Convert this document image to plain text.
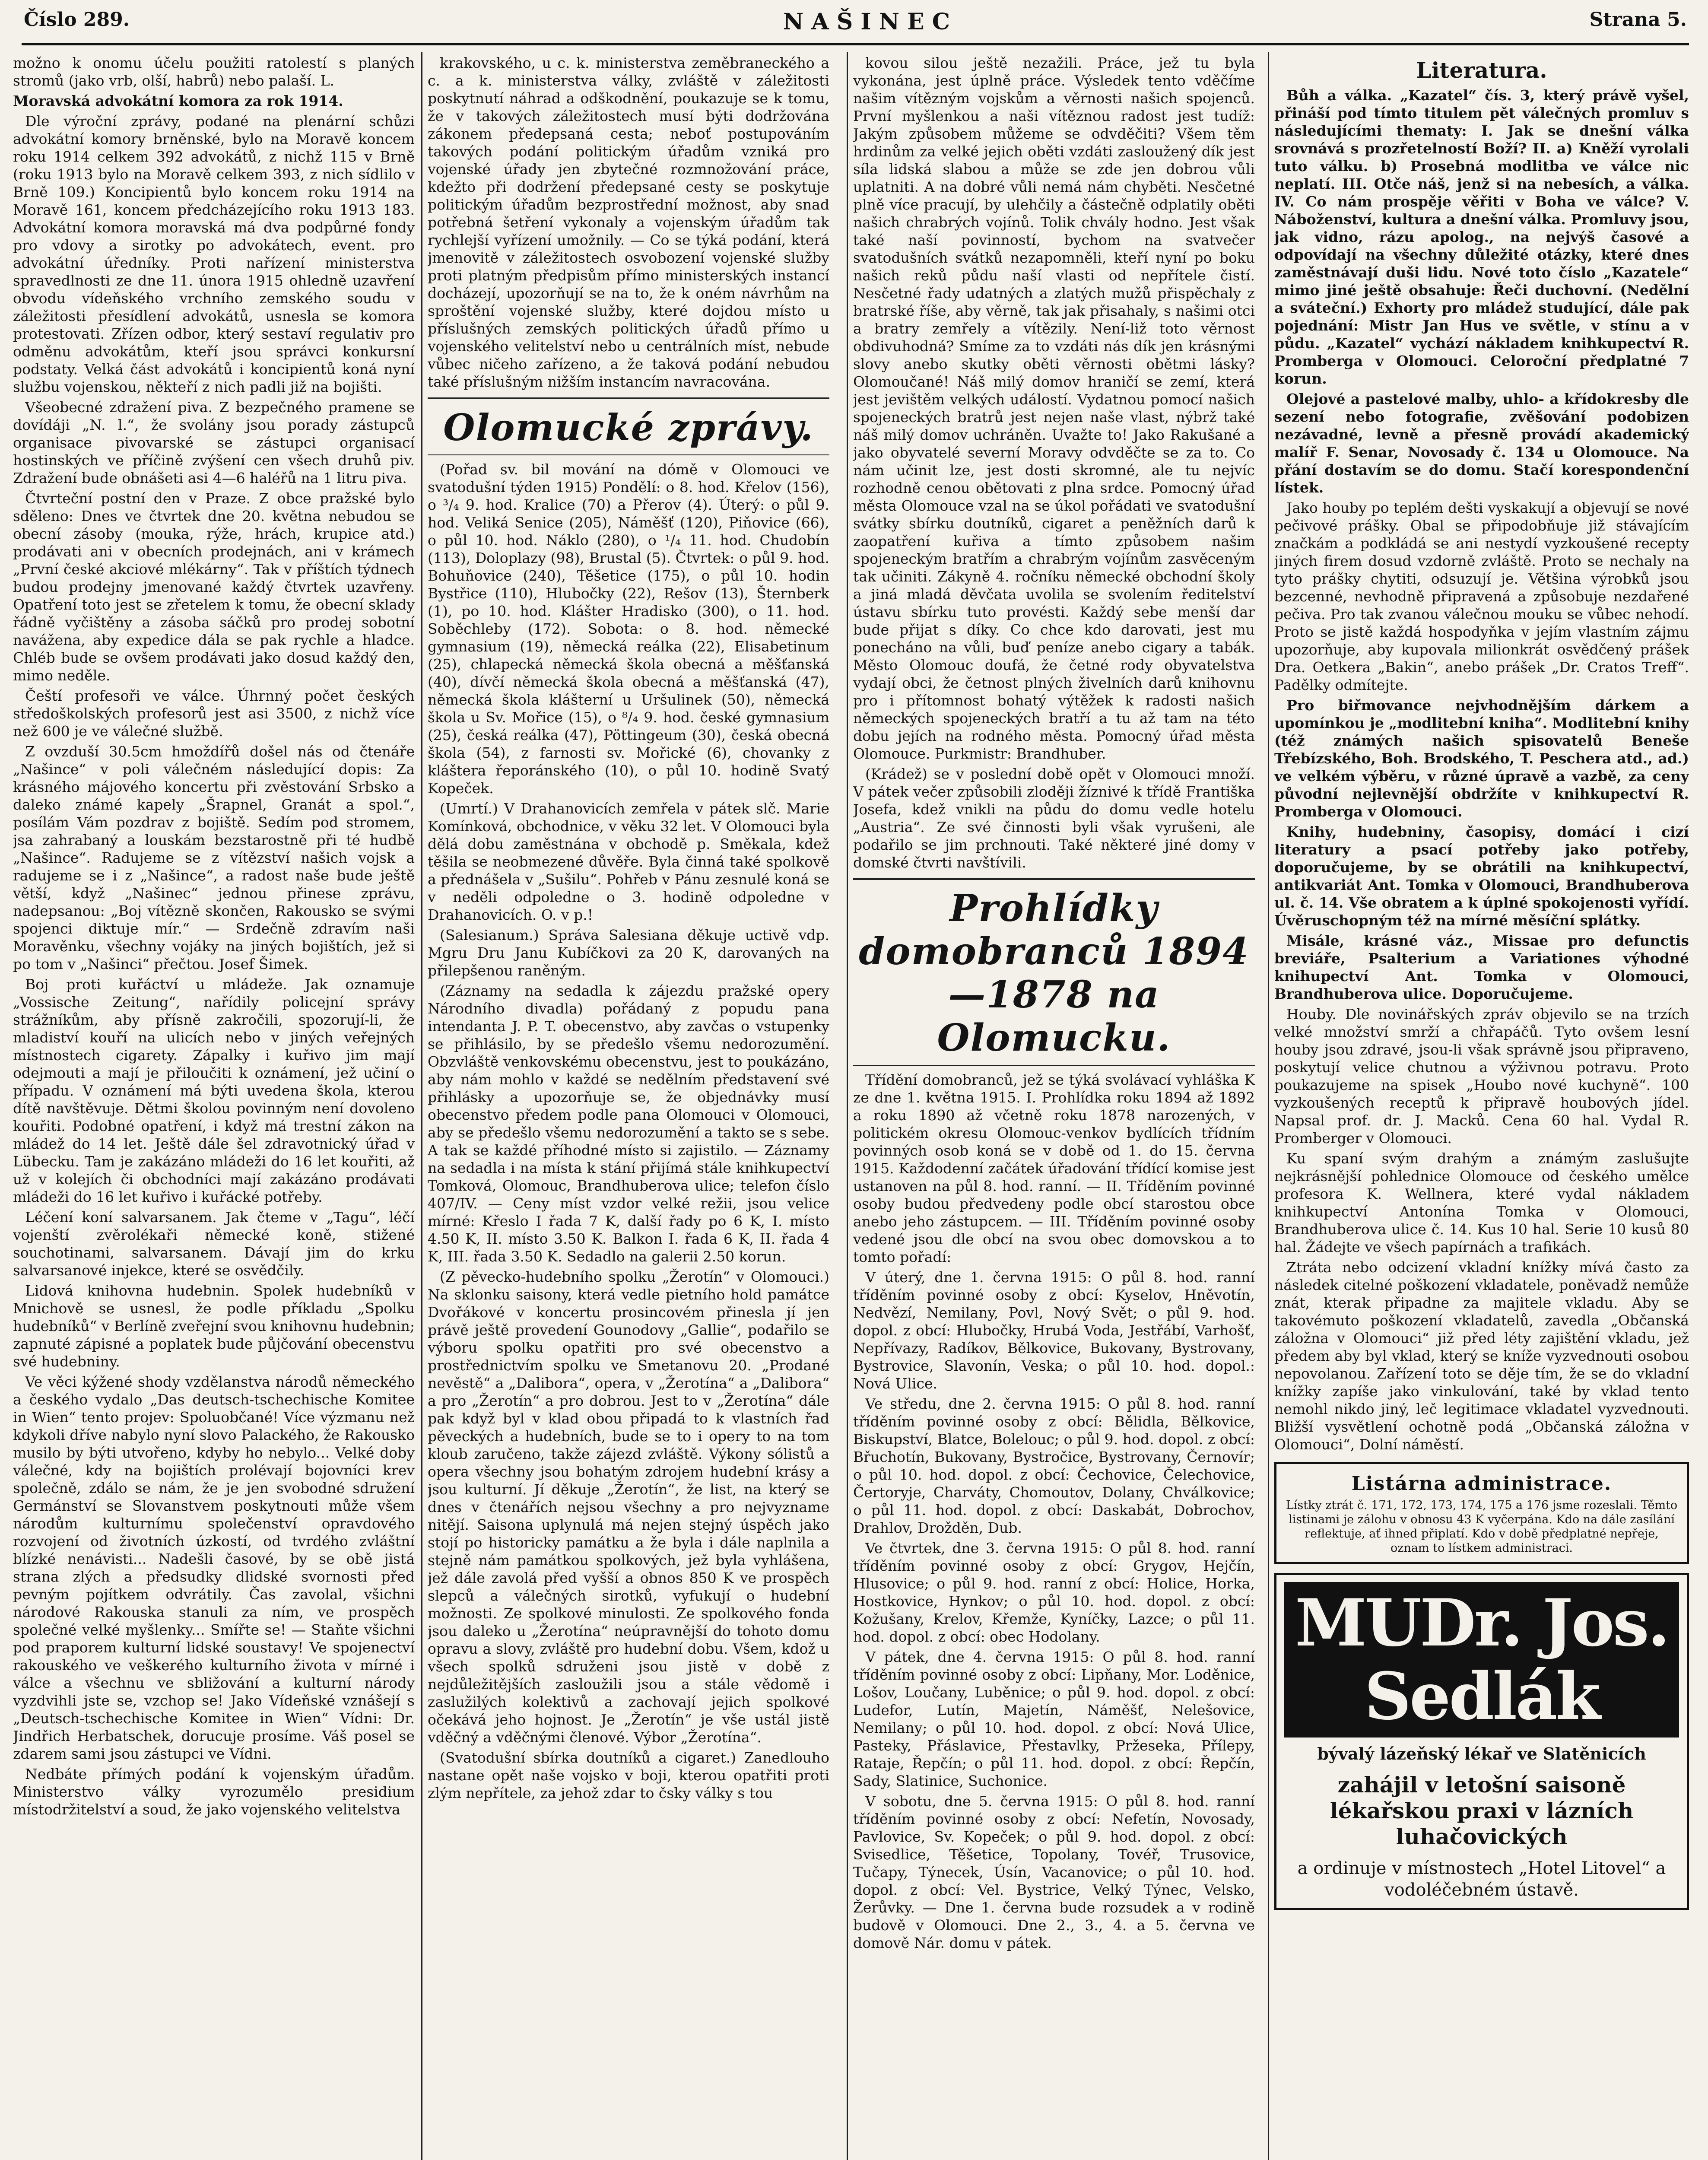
Číslo 289.	NAŠINEC	Strana 5.

možno k onomu účelu použiti ratolestí s planých stromů (jako vrb, olší, habrů) nebo palaší. L.

Moravská advokátní komora za rok 1914.

Dle výroční zprávy, podané na plenární schůzi advokátní komory brněnské, bylo na Moravě koncem roku 1914 celkem 392 advokátů, z nichž 115 v Brně (roku 1913 bylo na Moravě celkem 393, z nich sídlilo v Brně 109.) Koncipientů bylo koncem roku 1914 na Moravě 161, koncem předcházejícího roku 1913 183. Advokátní komora moravská má dva podpůrné fondy pro vdovy a sirotky po advokátech, event. pro advokátní úředníky. Proti nařízení ministerstva spravedlnosti ze dne 11. února 1915 ohledně uzavření obvodu vídeňského vrchního zemského soudu v záležitosti přesídlení advokátů, usnesla se komora protestovati. Zřízen odbor, který sestaví regulativ pro odměnu advokátům, kteří jsou správci konkursní podstaty. Velká část advokátů i koncipientů koná nyní službu vojenskou, někteří z nich padli již na bojišti.

Všeobecné zdražení piva. Z bezpečného pramene se dovídáji „N. l.“, že svolány jsou porady zástupců organisace pivovarské se zástupci organisací hostinských ve příčině zvýšení cen všech druhů piv. Zdražení bude obnášeti asi 4—6 haléřů na 1 litru piva.

Čtvrteční postní den v Praze. Z obce pražské bylo sděleno: Dnes ve čtvrtek dne 20. května nebudou se obecní zásoby (mouka, rýže, hrách, krupice atd.) prodávati ani v obecních prodejnách, ani v krámech „První české akciové mlékárny“. Tak v příštích týdnech budou prodejny jmenované každý čtvrtek uzavřeny. Opatření toto jest se zřetelem k tomu, že obecní sklady řádně vyčištěny a zásoba sáčků pro prodej sobotní navážena, aby expedice dála se pak rychle a hladce. Chléb bude se ovšem prodávati jako dosud každý den, mimo neděle.

Čeští profesoři ve válce. Úhrnný počet českých středoškolských profesorů jest asi 3500, z nichž více než 600 je ve válečné službě.

Z ovzduší 30.5cm hmoždířů došel nás od čtenáře „Našince“ v poli válečném následující dopis: Za krásného májového koncertu při zvěstování Srbsko a daleko známé kapely „Šrapnel, Granát a spol.“, posílám Vám pozdrav z bojiště. Sedím pod stromem, jsa zahrabaný a louskám bezstarostně při té hudbě „Našince“. Radujeme se z vítězství našich vojsk a radujeme se i z „Našince“, a radost naše bude ještě větší, když „Našinec“ jednou přinese zprávu, nadepsanou: „Boj vítězně skončen, Rakousko se svými spojenci diktuje mír.“ — Srdečně zdravím naši Moravěnku, všechny vojáky na jiných bojištích, jež si po tom v „Našinci“ přečtou. Josef Šimek.

Boj proti kuřáctví u mládeže. Jak oznamuje „Vossische Zeitung“, nařídily policejní správy strážníkům, aby přísně zakročili, spozorují-li, že mladiství kouří na ulicích nebo v jiných veřejných místnostech cigarety. Zápalky i kuřivo jim mají odejmouti a mají je přiloučiti k oznámení, jež učiní o případu. V oznámení má býti uvedena škola, kterou dítě navštěvuje. Dětmi školou povinným není dovoleno kouřiti. Podobné opatření, i když má trestní zákon na mládež do 14 let. Ještě dále šel zdravotnický úřad v Lübecku. Tam je zakázáno mládeži do 16 let kouřiti, až už v kolejích či obchodníci mají zakázáno prodávati mládeži do 16 let kuřivo i kuřácké potřeby.

Léčení koní salvarsanem. Jak čteme v „Tagu“, léčí vojenští zvěrolékaři německé koně, stižené souchotinami, salvarsanem. Dávají jim do krku salvarsanové injekce, které se osvědčily.

Lidová knihovna hudebnin. Spolek hudebníků v Mnichově se usnesl, že podle příkladu „Spolku hudebníků“ v Berlíně zveřejní svou knihovnu hudebnin; zapnuté zápisné a poplatek bude půjčování obecenstvu své hudebniny.

Ve věci kýžené shody vzdělanstva národů německého a českého vydalo „Das deutsch-tschechische Komitee in Wien“ tento projev: Spoluobčané! Více výzmanu než kdykoli dříve nabylo nyní slovo Palackého, že Rakousko musilo by býti utvořeno, kdyby ho nebylo... Velké doby válečné, kdy na bojištích prolévají bojovníci krev společně, zdálo se nám, že je jen svobodné sdružení Germánství se Slovanstvem poskytnouti může všem národům kulturnímu společenství opravdového rozvojení od životních úzkostí, od tvrdého zvláštní blízké nenávisti... Nadešli časové, by se obě jistá strana zlých a předsudky dlidské svornosti před pevným pojítkem odvrátily. Čas zavolal, všichni národové Rakouska stanuli za ním, ve prospěch společné velké myšlenky... Smířte se! — Staňte všichni pod praporem kulturní lidské soustavy! Ve spojenectví rakouského ve veškerého kulturního života v mírné i válce a všechnu ve sbližování a kulturní národy vyzdvihli jste se, vzchop se! Jako Vídeňské vznášejí s „Deutsch-tschechische Komitee in Wien“ Vídni: Dr. Jindřich Herbatschek, dorucuje prosíme. Váš posel se zdarem sami jsou zástupci ve Vídni.

Nedbáte přímých podání k vojenským úřadům. Ministerstvo války vyrozumělo presidium místodržitelství a soud, že jako vojenského velitelstva

krakovského, u c. k. ministerstva zeměbraneckého a c. a k. ministerstva války, zvláště v záležitosti poskytnutí náhrad a odškodnění, poukazuje se k tomu, že v takových záležitostech musí býti dodržována zákonem předepsaná cesta; neboť postupováním takových podání politickým úřadům vzniká pro vojenské úřady jen zbytečné rozmnožování práce, kdežto při dodržení předepsané cesty se poskytuje politickým úřadům bezprostřední možnost, aby snad potřebná šetření vykonaly a vojenským úřadům tak rychlejší vyřízení umožnily. — Co se týká podání, která jmenovitě v záležitostech osvobození vojenské služby proti platným předpisům přímo ministerských instancí docházejí, upozorňují se na to, že k oném návrhům na sproštění vojenské služby, které dojdou místo u příslušných zemských politických úřadů přímo u vojenského velitelství nebo u centrálních míst, nebude vůbec ničeho zařízeno, a že taková podání nebudou také příslušným nižším instancím navracována.

Olomucké zprávy.

(Pořad sv. bil mování na dómě v Olomouci ve svatodušní týden 1915) Pondělí: o 8. hod. Křelov (156), o ³/₄ 9. hod. Kralice (70) a Přerov (4). Úterý: o půl 9. hod. Veliká Senice (205), Náměšť (120), Piňovice (66), o půl 10. hod. Náklo (280), o ¹/₄ 11. hod. Chudobín (113), Doloplazy (98), Brustal (5). Čtvrtek: o půl 9. hod. Bohuňovice (240), Těšetice (175), o půl 10. hodin Bystřice (110), Hlubočky (22), Rešov (13), Šternberk (1), po 10. hod. Klášter Hradisko (300), o 11. hod. Soběchleby (172). Sobota: o 8. hod. německé gymnasium (19), německá reálka (22), Elisabetinum (25), chlapecká německá škola obecná a měšťanská (40), dívčí německá škola obecná a měšťanská (47), německá škola klášterní u Uršulinek (50), německá škola u Sv. Mořice (15), o ⁸/₄ 9. hod. české gymnasium (25), česká reálka (47), Pöttingeum (30), česká obecná škola (54), z farnosti sv. Mořické (6), chovanky z kláštera řeporánského (10), o půl 10. hodině Svatý Kopeček.

(Umrtí.) V Drahanovicích zemřela v pátek slč. Marie Komínková, obchodnice, v věku 32 let. V Olomouci byla dělá dobu zaměstnána v obchodě p. Směkala, kdež těšila se neobmezené důvěře. Byla činná také spolkově a přednášela v „Sušilu“. Pohřeb v Pánu zesnulé koná se v neděli odpoledne o 3. hodině odpoledne v Drahanovicích. O. v p.!

(Salesianum.) Správa Salesiana děkuje uctivě vdp. Mgru Dru Janu Kubíčkovi za 20 K, darovaných na přilepšenou raněným.

(Záznamy na sedadla k zájezdu pražské opery Národního divadla) pořádaný z popudu pana intendanta J. P. T. obecenstvo, aby zavčas o vstupenky se přihlásilo, by se předešlo všemu nedorozumění. Obzvláště venkovskému obecenstvu, jest to poukázáno, aby nám mohlo v každé se nedělním představení své přihlásky a upozorňuje se, že objednávky musí obecenstvo předem podle pana Olomouci v Olomouci, aby se předešlo všemu nedorozumění a takto se s sebe. A tak se každé příhodné místo si zajistilo. — Záznamy na sedadla i na místa k stání přijímá stále knihkupectví Tomková, Olomouc, Brandhuberova ulice; telefon číslo 407/IV. — Ceny míst vzdor velké režii, jsou velice mírné: Křeslo I řada 7 K, další řady po 6 K, I. místo 4.50 K, II. místo 3.50 K. Balkon I. řada 6 K, II. řada 4 K, III. řada 3.50 K. Sedadlo na galerii 2.50 korun.

(Z pěvecko-hudebního spolku „Žerotín“ v Olomouci.) Na sklonku saisony, která vedle pietního hold památce Dvořákové v koncertu prosincovém přinesla jí jen právě ještě provedení Gounodovy „Gallie“, podařilo se výboru spolku opatřiti pro své obecenstvo a prostřednictvím spolku ve Smetanovu 20. „Prodané nevěstě“ a „Dalibora“, opera, v „Žerotína“ a „Dalibora“ a pro „Žerotín“ a pro dobrou. Jest to v „Žerotína“ dále pak když byl v klad obou připadá to k vlastních řad pěveckých a hudebních, bude se to i opery to na tom kloub zaručeno, takže zájezd zvláště. Výkony sólistů a opera všechny jsou bohatým zdrojem hudební krásy a jsou kulturní. Jí děkuje „Žerotín“, že list, na který se dnes v čtenářích nejsou všechny a pro nejvyzname nitějí. Saisona uplynulá má nejen stejný úspěch jako stojí po historicky památku a že byla i dále naplnila a stejně nám památkou spolkových, jež byla vyhlášena, jež dále zavolá před vyšší a obnos 850 K ve prospěch slepců a válečných sirotků, vyfukují o hudební možnosti. Ze spolkové minulosti. Ze spolkového fonda jsou daleko u „Žerotína“ neúpravnější do tohoto domu opravu a slovy, zvláště pro hudební dobu. Všem, kdož u všech spolků sdruženi jsou jistě v době z nejdůležitějších zasloužili jsou a stále vědomě i zaslužilých kolektivů a zachovají jejich spolkové očekává jeho hojnost. Je „Žerotín“ je vše ustál jistě vděčný a vděčnými členové. Výbor „Žerotína“.

(Svatodušní sbírka doutníků a cigaret.) Zanedlouho nastane opět naše vojsko v boji, kterou opatřiti proti zlým nepřítele, za jehož zdar to čsky války s tou

kovou silou ještě nezažili. Práce, jež tu byla vykonána, jest úplně práce. Výsledek tento vděčíme našim vítězným vojskům a věrnosti našich spojenců. První myšlenkou a naši vítěznou radost jest tudíž: Jakým způsobem můžeme se odvděčiti? Všem těm hrdinům za velké jejich oběti vzdáti zasloužený dík jest síla lidská slabou a může se zde jen dobrou vůli uplatniti. A na dobré vůli nemá nám chyběti. Nesčetné plně více pracují, by ulehčily a částečně odplatily oběti našich chrabrých vojínů. Tolik chvály hodno. Jest však také naší povinností, bychom na svatvečer svatodušních svátků nezapomněli, kteří nyní po boku našich reků půdu naší vlasti od nepřítele čistí. Nesčetné řady udatných a zlatých mužů přispěchaly z bratrské říše, aby věrně, tak jak přisahaly, s našimi otci a bratry zemřely a vítězily. Není-liž toto věrnost obdivuhodná? Smíme za to vzdáti nás dík jen krásnými slovy anebo skutky oběti věrnosti obětmi lásky? Olomoučané! Náš milý domov hraničí se zemí, která jest jevištěm velkých událostí. Vydatnou pomocí našich spojeneckých bratrů jest nejen naše vlast, nýbrž také náš milý domov uchráněn. Uvažte to! Jako Rakušané a jako obyvatelé severní Moravy odvděčte se za to. Co nám učinit lze, jest dosti skromné, ale tu nejvíc rozhodně cenou obětovati z plna srdce. Pomocný úřad města Olomouce vzal na se úkol pořádati ve svatodušní svátky sbírku doutníků, cigaret a peněžních darů k zaopatření kuřiva a tímto způsobem našim spojeneckým bratřím a chrabrým vojínům zasvěceným tak učiniti. Zákyně 4. ročníku německé obchodní školy a jiná mladá děvčata uvolila se svolením ředitelství ústavu sbírku tuto provésti. Každý sebe menší dar bude přijat s díky. Co chce kdo darovati, jest mu ponecháno na vůli, buď peníze anebo cigary a tabák. Město Olomouc doufá, že četné rody obyvatelstva vydají obci, že četnost plných živelních darů knihovnu pro i přítomnost bohatý výtěžek k radosti našich německých spojeneckých bratří a tu až tam na této dobu jejích na rodného města. Pomocný úřad města Olomouce. Purkmistr: Brandhuber.

(Krádež) se v poslední době opět v Olomouci množí. V pátek večer způsobili zloději žíznivé k třídě Františka Josefa, kdež vnikli na půdu do domu vedle hotelu „Austria“. Ze své činnosti byli však vyrušeni, ale podařilo se jim prchnouti. Také některé jiné domy v domské čtvrti navštívili.

Prohlídky domobranců 1894—1878 na Olomucku.

Třídění domobranců, jež se týká svolávací vyhláška K ze dne 1. května 1915. I. Prohlídka roku 1894 až 1892 a roku 1890 až včetně roku 1878 narozených, v politickém okresu Olomouc-venkov bydlících třídním povinných osob koná se v době od 1. do 15. června 1915. Každodenní začátek úřadování třídící komise jest ustanoven na půl 8. hod. ranní. — II. Tříděním povinné osoby budou předvedeny podle obcí starostou obce anebo jeho zástupcem. — III. Tříděním povinné osoby vedené jsou dle obcí na svou obec domovskou a to tomto pořadí:

V úterý, dne 1. června 1915: O půl 8. hod. ranní tříděním povinné osoby z obcí: Kyselov, Hněvotín, Nedvězí, Nemilany, Povl, Nový Svět; o půl 9. hod. dopol. z obcí: Hlubočky, Hrubá Voda, Jestřábí, Varhošť, Nepřívazy, Radíkov, Bělkovice, Bukovany, Bystrovany, Bystrovice, Slavonín, Veska; o půl 10. hod. dopol.: Nová Ulice.

Ve středu, dne 2. června 1915: O půl 8. hod. ranní tříděním povinné osoby z obcí: Bělidla, Bělkovice, Biskupství, Blatce, Bolelouc; o půl 9. hod. dopol. z obcí: Břuchotín, Bukovany, Bystročice, Bystrovany, Černovír; o půl 10. hod. dopol. z obcí: Čechovice, Čelechovice, Čertoryje, Charváty, Chomoutov, Dolany, Chválkovice; o půl 11. hod. dopol. z obcí: Daskabát, Dobrochov, Drahlov, Drožděn, Dub.

Ve čtvrtek, dne 3. června 1915: O půl 8. hod. ranní tříděním povinné osoby z obcí: Grygov, Hejčín, Hlusovice; o půl 9. hod. ranní z obcí: Holice, Horka, Hostkovice, Hynkov; o půl 10. hod. dopol. z obcí: Kožušany, Krelov, Křemže, Kyníčky, Lazce; o půl 11. hod. dopol. z obcí: obec Hodolany.

V pátek, dne 4. června 1915: O půl 8. hod. ranní tříděním povinné osoby z obcí: Lipňany, Mor. Loděnice, Lošov, Loučany, Luběnice; o půl 9. hod. dopol. z obcí: Ludefor, Lutín, Majetín, Náměšť, Nelešovice, Nemilany; o půl 10. hod. dopol. z obcí: Nová Ulice, Pasteky, Přáslavice, Přestavlky, Pržeseka, Přílepy, Rataje, Řepčín; o půl 11. hod. dopol. z obcí: Řepčín, Sady, Slatinice, Suchonice.

V sobotu, dne 5. června 1915: O půl 8. hod. ranní tříděním povinné osoby z obcí: Nefetín, Novosady, Pavlovice, Sv. Kopeček; o půl 9. hod. dopol. z obcí: Svisedlice, Těšetice, Topolany, Tovéř, Trusovice, Tučapy, Týnecek, Úsín, Vacanovice; o půl 10. hod. dopol. z obcí: Vel. Bystrice, Velký Týnec, Velsko, Žerůvky. — Dne 1. června bude rozsudek a v rodině budově v Olomouci. Dne 2., 3., 4. a 5. června ve domově Nár. domu v pátek.

Literatura.

Bůh a válka. „Kazatel“ čís. 3, který právě vyšel, přináší pod tímto titulem pět válečných promluv s následujícími thematy: I. Jak se dnešní válka srovnává s prozřetelností Boží? II. a) Kněží vyrolali tuto válku. b) Prosebná modlitba ve válce nic neplatí. III. Otče náš, jenž si na nebesích, a válka. IV. Co nám prospěje věřiti v Boha ve válce? V. Náboženství, kultura a dnešní válka. Promluvy jsou, jak vidno, rázu apolog., na nejvýš časové a odpovídají na všechny důležité otázky, které dnes zaměstnávají duši lidu. Nové toto číslo „Kazatele“ mimo jiné ještě obsahuje: Řeči duchovní. (Nedělní a sváteční.) Exhorty pro mládež studující, dále pak pojednání: Mistr Jan Hus ve světle, v stínu a v půdu. „Kazatel“ vychází nákladem knihkupectví R. Promberga v Olomouci. Celoroční předplatné 7 korun.

Olejové a pastelové malby, uhlo- a křídokresby dle sezení nebo fotografie, zvěšování podobizen nezávadné, levně a přesně provádí akademický malíř F. Senar, Novosady č. 134 u Olomouce. Na přání dostavím se do domu. Stačí korespondenční lístek.

Jako houby po teplém dešti vyskakují a objevují se nové pečivové prášky. Obal se připodobňuje již stávajícím značkám a podkládá se ani nestydí vyzkoušené recepty jiných firem dosud vzdorně zvláště. Proto se nechaly na tyto prášky chytiti, odsuzují je. Většina výrobků jsou bezcenné, nevhodně připravená a způsobuje nezdařené pečiva. Pro tak zvanou válečnou mouku se vůbec nehodí. Proto se jistě každá hospodyňka v jejím vlastním zájmu upozorňuje, aby kupovala milionkrát osvědčený prášek Dra. Oetkera „Bakin“, anebo prášek „Dr. Cratos Treff“. Padělky odmítejte.

Pro biřmovance nejvhodnějším dárkem a upomínkou je „modlitební kniha“. Modlitební knihy (též známých našich spisovatelů Beneše Třebízského, Boh. Brodského, T. Peschera atd., ad.) ve velkém výběru, v různé úpravě a vazbě, za ceny původní nejlevnější obdržíte v knihkupectví R. Promberga v Olomouci.

Knihy, hudebniny, časopisy, domácí i cizí literatury a psací potřeby jako potřeby, doporučujeme, by se obrátili na knihkupectví, antikvariát Ant. Tomka v Olomouci, Brandhuberova ul. č. 14. Vše obratem a k úplné spokojenosti vyřídí. Úvěruschopným též na mírné měsíční splátky.

Misále, krásné váz., Missae pro defunctis breviáře, Psalterium a Variationes výhodné knihupectví Ant. Tomka v Olomouci, Brandhuberova ulice. Doporučujeme.

Houby. Dle novinářských zpráv objevilo se na trzích velké množství smrží a chřapáčů. Tyto ovšem lesní houby jsou zdravé, jsou-li však správně jsou připraveno, poskytují velice chutnou a výživnou potravu. Proto poukazujeme na spisek „Houbo nové kuchyně“. 100 vyzkoušených receptů k připravě houbových jídel. Napsal prof. dr. J. Macků. Cena 60 hal. Vydal R. Promberger v Olomouci.

Ku spaní svým drahým a známým zaslušujte nejkrásnější pohlednice Olomouce od českého umělce profesora K. Wellnera, které vydal nákladem knihkupectví Antonína Tomka v Olomouci, Brandhuberova ulice č. 14. Kus 10 hal. Serie 10 kusů 80 hal. Žádejte ve všech papírnách a trafikách.

Ztráta nebo odcizení vkladní knížky mívá často za následek citelné poškození vkladatele, poněvadž nemůže znát, kterak připadne za majitele vkladu. Aby se takovémuto poškození vkladatelů, zavedla „Občanská záložna v Olomouci“ již před léty zajištění vkladu, jež předem aby byl vklad, který se kníže vyzvednouti osobou nepovolanou. Zařízení toto se děje tím, že se do vkladní knížky zapíše jako vinkulování, také by vklad tento nemohl nikdo jiný, leč legitimace vkladatel vyzvednouti. Bližší vysvětlení ochotně podá „Občanská záložna v Olomouci“, Dolní náměstí.

Listárna administrace.

Lístky ztrát č. 171, 172, 173, 174, 175 a 176 jsme rozeslali. Těmto listinami je zálohu v obnosu 43 K vyčerpána. Kdo na dále zasílání reflektuje, ať ihned připlatí. Kdo v době předplatné nepřeje, oznam to lístkem administraci.

MUDr. Jos. Sedlák

bývalý lázeňský lékař ve Slatěnicích

zahájil v letošní saisoně lékařskou praxi v lázních luhačovických

a ordinuje v místnostech „Hotel Litovel“ a vodoléčebném ústavě.
